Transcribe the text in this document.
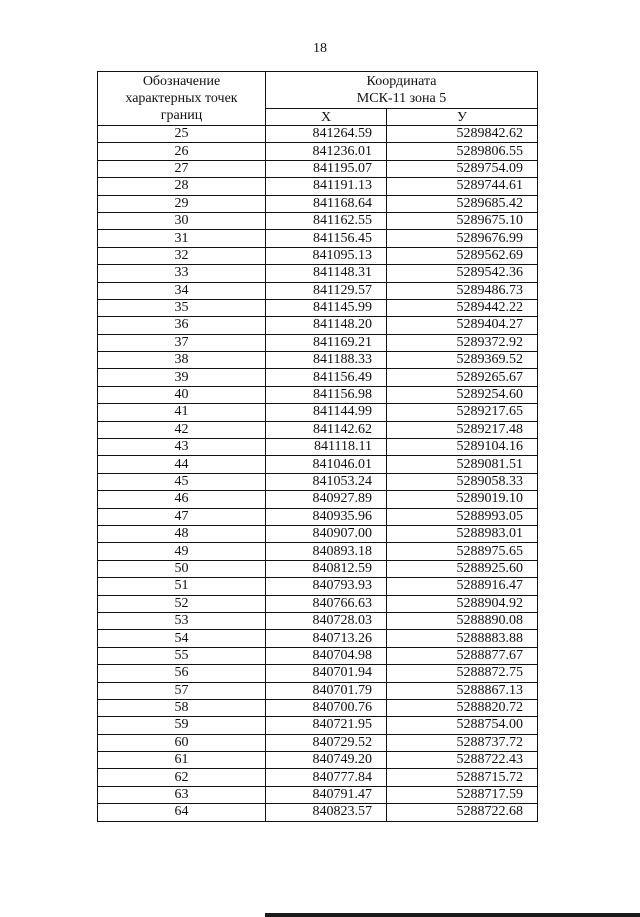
18
Обозначение
характерных точек
границ	Координата
МСК-11 зона 5	

	Х	У
25	841264.59	5289842.62
26	841236.01	5289806.55
27	841195.07	5289754.09
28	841191.13	5289744.61
29	841168.64	5289685.42
30	841162.55	5289675.10
31	841156.45	5289676.99
32	841095.13	5289562.69
33	841148.31	5289542.36
34	841129.57	5289486.73
35	841145.99	5289442.22
36	841148.20	5289404.27
37	841169.21	5289372.92
38	841188.33	5289369.52
39	841156.49	5289265.67
40	841156.98	5289254.60
41	841144.99	5289217.65
42	841142.62	5289217.48
43	841118.11	5289104.16
44	841046.01	5289081.51
45	841053.24	5289058.33
46	840927.89	5289019.10
47	840935.96	5288993.05
48	840907.00	5288983.01
49	840893.18	5288975.65
50	840812.59	5288925.60
51	840793.93	5288916.47
52	840766.63	5288904.92
53	840728.03	5288890.08
54	840713.26	5288883.88
55	840704.98	5288877.67
56	840701.94	5288872.75
57	840701.79	5288867.13
58	840700.76	5288820.72
59	840721.95	5288754.00
60	840729.52	5288737.72
61	840749.20	5288722.43
62	840777.84	5288715.72
63	840791.47	5288717.59
64	840823.57	5288722.68
